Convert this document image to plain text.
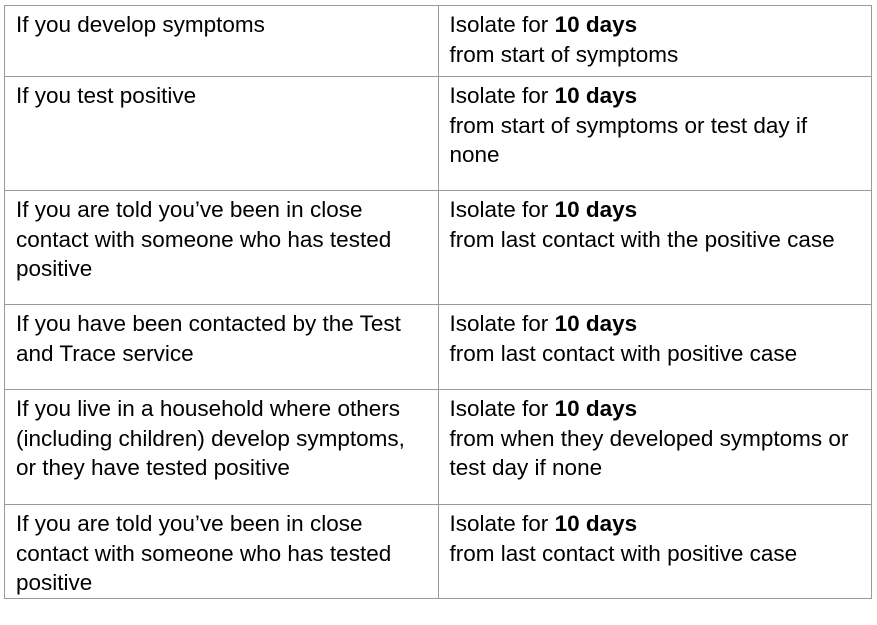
If you develop symptoms	Isolate for 10 days
from start of symptoms

If you test positive	Isolate for 10 days
from start of symptoms or test day if none

If you are told you’ve been in close contact with someone who has tested positive	Isolate for 10 days
from last contact with the positive case

If you have been contacted by the Test and Trace service	Isolate for 10 days
from last contact with positive case

If you live in a household where others (including children) develop symptoms, or they have tested positive	Isolate for 10 days
from when they developed symptoms or test day if none

If you are told you’ve been in close contact with someone who has tested positive	Isolate for 10 days
from last contact with positive case
